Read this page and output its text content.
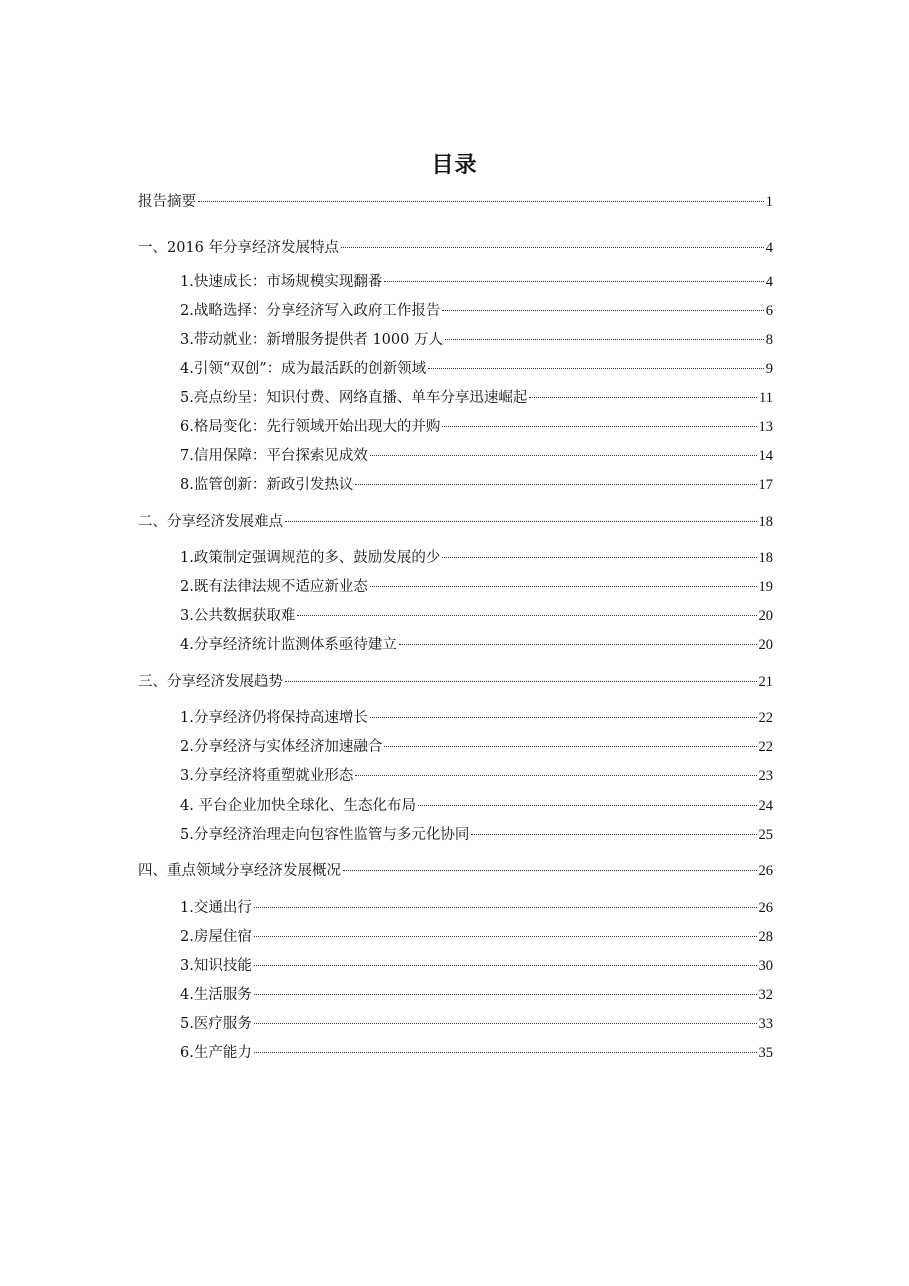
目录
报告摘要	1
一、2016 年分享经济发展特点	4
1.快速成长：市场规模实现翻番	4
2.战略选择：分享经济写入政府工作报告	6
3.带动就业：新增服务提供者 1000 万人	8
4.引领“双创”：成为最活跃的创新领域	9
5.亮点纷呈：知识付费、网络直播、单车分享迅速崛起	11
6.格局变化：先行领域开始出现大的并购	13
7.信用保障：平台探索见成效	14
8.监管创新：新政引发热议	17
二、分享经济发展难点	18
1.政策制定强调规范的多、鼓励发展的少	18
2.既有法律法规不适应新业态	19
3.公共数据获取难	20
4.分享经济统计监测体系亟待建立	20
三、分享经济发展趋势	21
1.分享经济仍将保持高速增长	22
2.分享经济与实体经济加速融合	22
3.分享经济将重塑就业形态	23
4. 平台企业加快全球化、生态化布局	24
5.分享经济治理走向包容性监管与多元化协同	25
四、重点领域分享经济发展概况	26
1.交通出行	26
2.房屋住宿	28
3.知识技能	30
4.生活服务	32
5.医疗服务	33
6.生产能力	35
